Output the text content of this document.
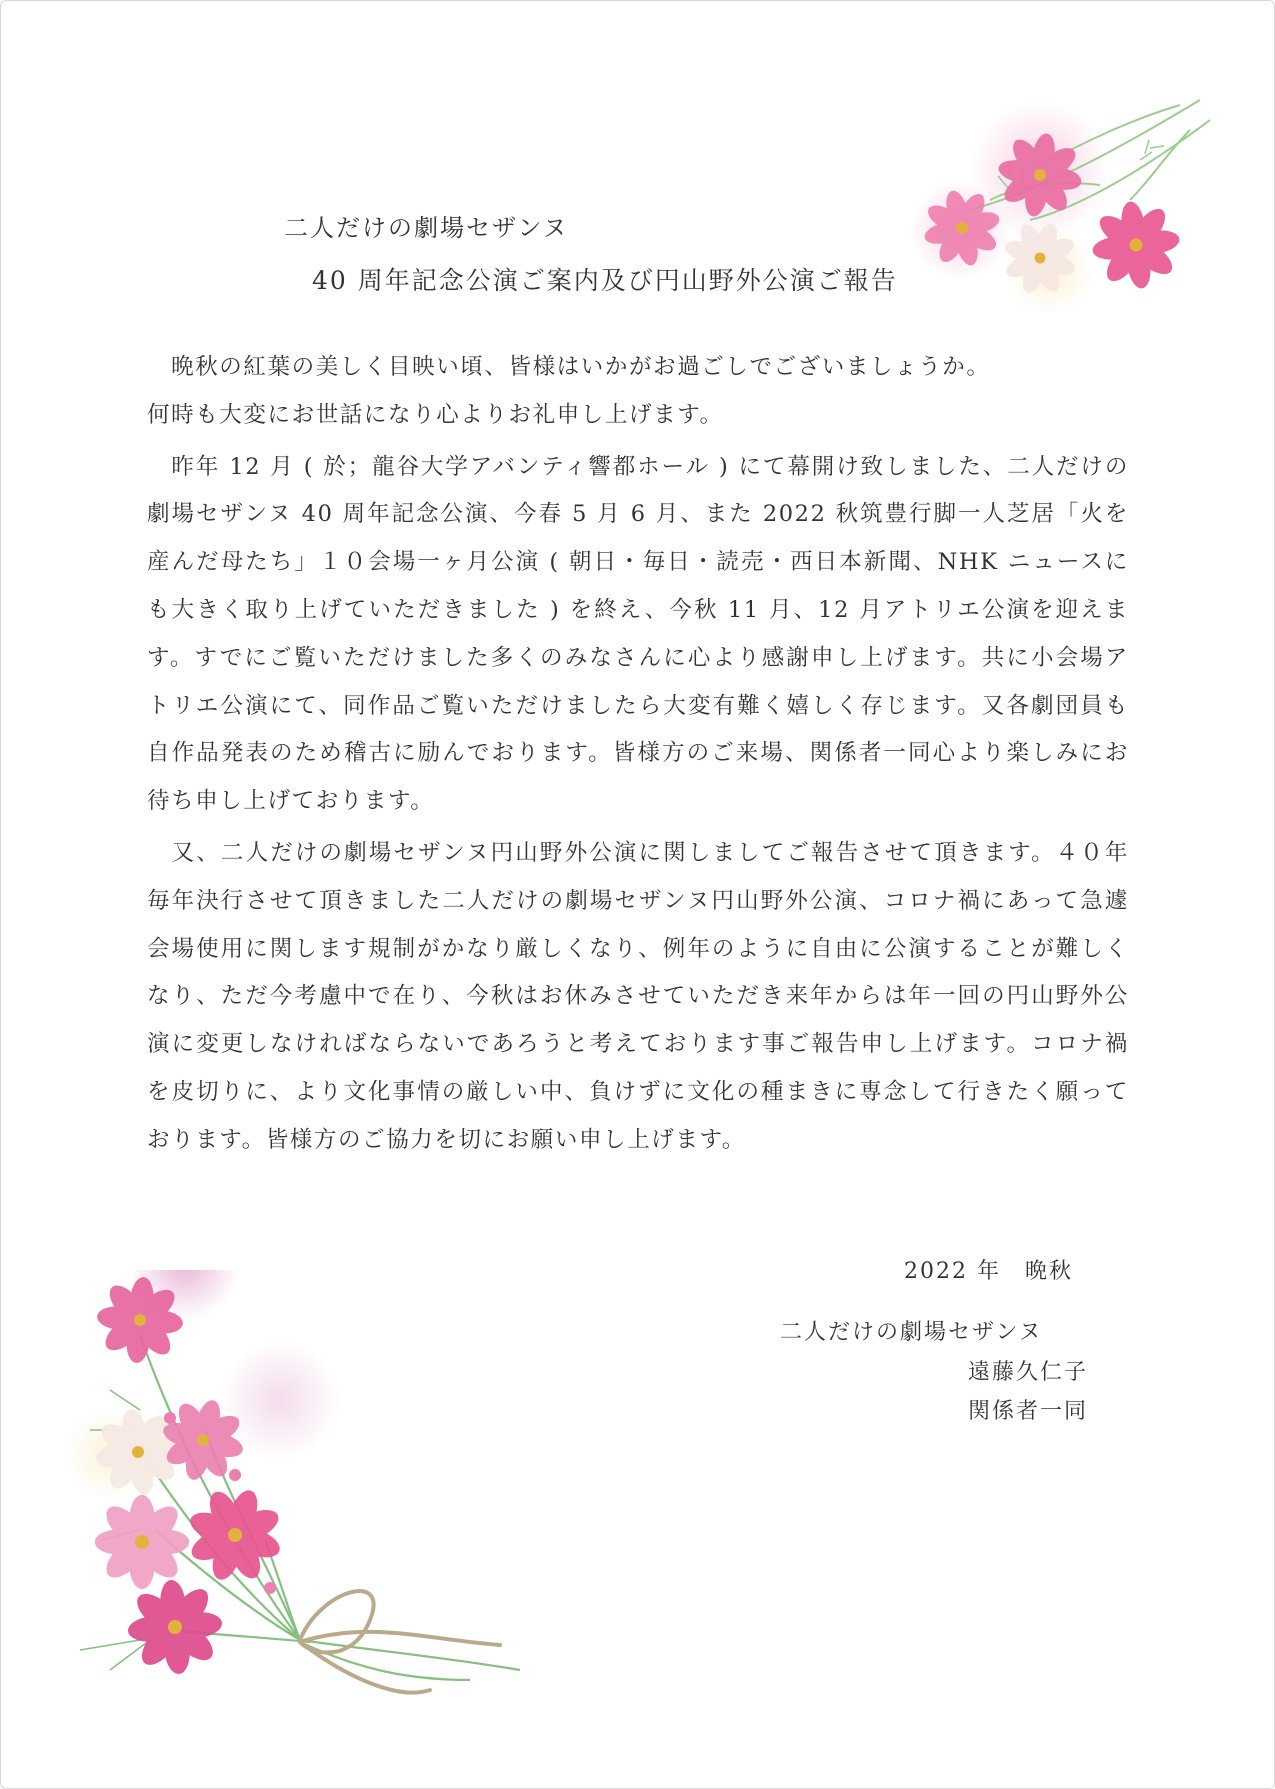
二人だけの劇場セザンヌ
40 周年記念公演ご案内及び円山野外公演ご報告

　晩秋の紅葉の美しく目映い頃、皆様はいかがお過ごしでございましょうか。
何時も大変にお世話になり心よりお礼申し上げます。

　昨年 12 月 ( 於；龍谷大学アバンティ響都ホール ) にて幕開け致しました、二人だけの劇場セザンヌ 40 周年記念公演、今春 5 月 6 月、また 2022 秋筑豊行脚一人芝居「火を産んだ母たち」１０会場一ヶ月公演 ( 朝日・毎日・読売・西日本新聞、NHK ニュースにも大きく取り上げていただきました ) を終え、今秋 11 月、12 月アトリエ公演を迎えます。すでにご覧いただけました多くのみなさんに心より感謝申し上げます。共に小会場アトリエ公演にて、同作品ご覧いただけましたら大変有難く嬉しく存じます。又各劇団員も自作品発表のため稽古に励んでおります。皆様方のご来場、関係者一同心より楽しみにお待ち申し上げております。

　又、二人だけの劇場セザンヌ円山野外公演に関しましてご報告させて頂きます。４０年毎年決行させて頂きました二人だけの劇場セザンヌ円山野外公演、コロナ禍にあって急遽会場使用に関します規制がかなり厳しくなり、例年のように自由に公演することが難しくなり、ただ今考慮中で在り、今秋はお休みさせていただき来年からは年一回の円山野外公演に変更しなければならないであろうと考えております事ご報告申し上げます。コロナ禍を皮切りに、より文化事情の厳しい中、負けずに文化の種まきに専念して行きたく願っております。皆様方のご協力を切にお願い申し上げます。

2022 年　晩秋
二人だけの劇場セザンヌ
遠藤久仁子
関係者一同
